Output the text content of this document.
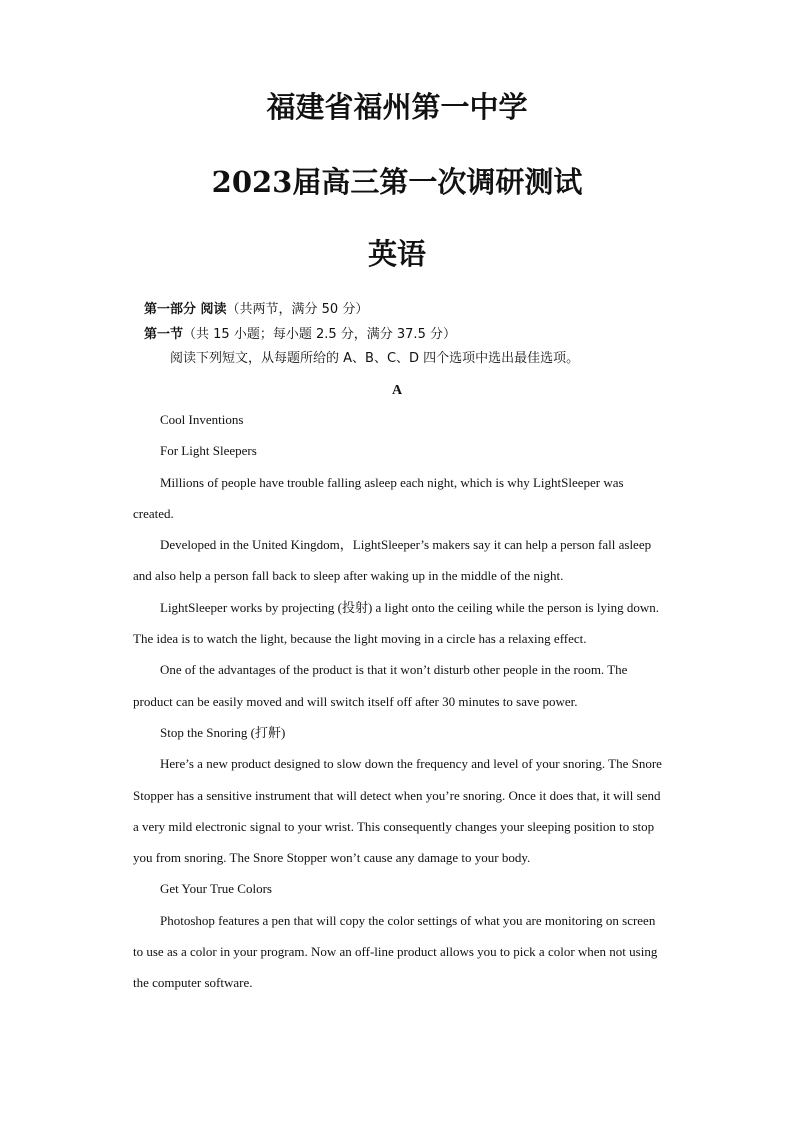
福建省福州第一中学
2023届高三第一次调研测试
英语
第一部分 阅读（共两节，满分 50 分）
第一节（共 15 小题；每小题 2.5 分，满分 37.5 分）
阅读下列短文，从每题所给的 A、B、C、D 四个选项中选出最佳选项。
A

Cool Inventions

For Light Sleepers

Millions of people have trouble falling asleep each night, which is why LightSleeper was created.

Developed in the United Kingdom，LightSleeper’s makers say it can help a person fall asleep and also help a person fall back to sleep after waking up in the middle of the night.

LightSleeper works by projecting (投射) a light onto the ceiling while the person is lying down. The idea is to watch the light, because the light moving in a circle has a relaxing effect.

One of the advantages of the product is that it won’t disturb other people in the room. The product can be easily moved and will switch itself off after 30 minutes to save power.

Stop the Snoring (打鼾)

Here’s a new product designed to slow down the frequency and level of your snoring. The Snore Stopper has a sensitive instrument that will detect when you’re snoring. Once it does that, it will send a very mild electronic signal to your wrist. This consequently changes your sleeping position to stop you from snoring. The Snore Stopper won’t cause any damage to your body.

Get Your True Colors

Photoshop features a pen that will copy the color settings of what you are monitoring on screen to use as a color in your program. Now an off-line product allows you to pick a color when not using the computer software.
